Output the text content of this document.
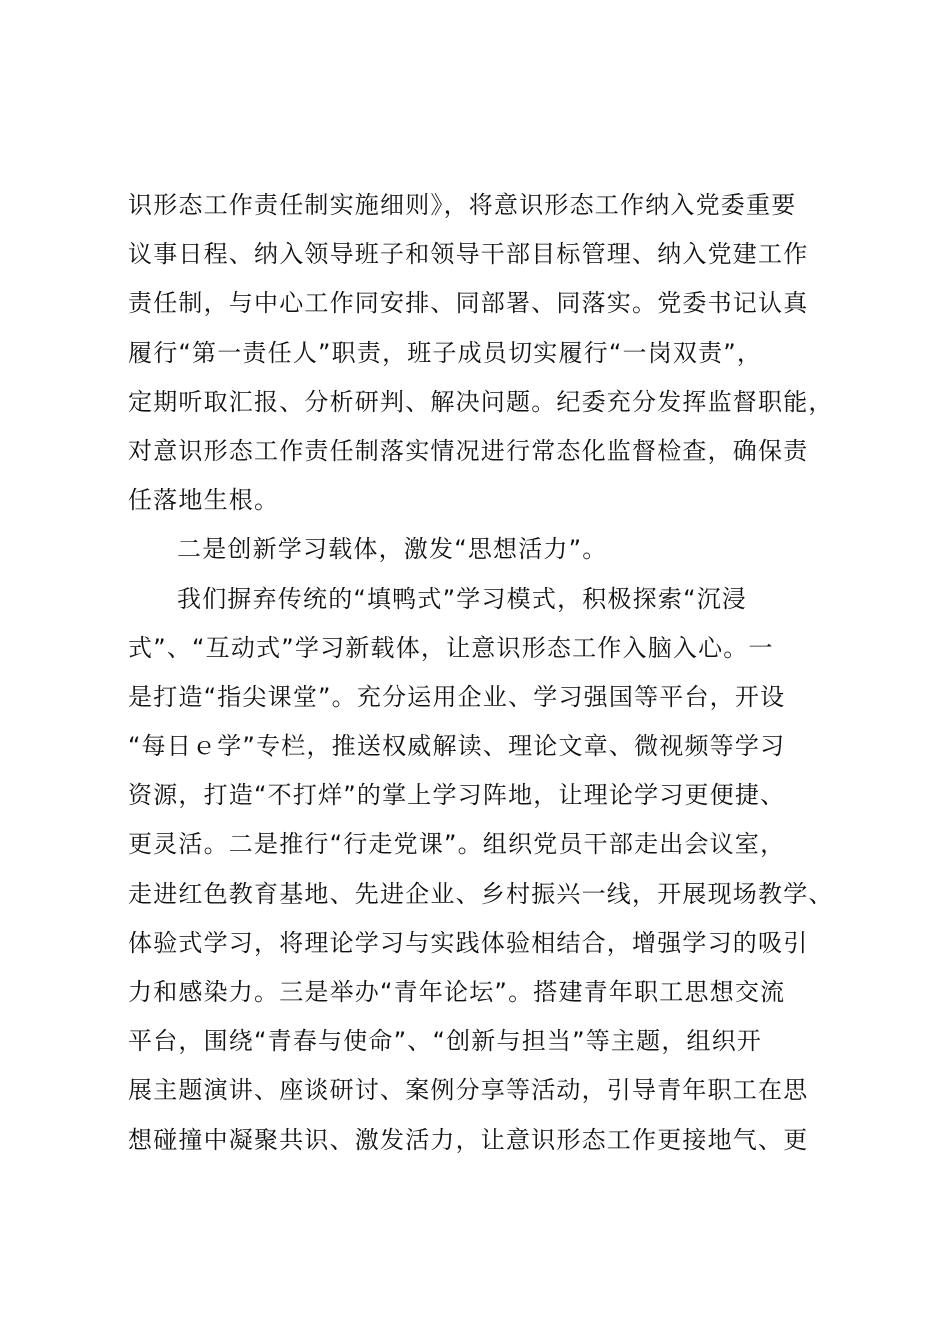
识形态工作责任制实施细则》，将意识形态工作纳入党委重要
议事日程、纳入领导班子和领导干部目标管理、纳入党建工作
责任制，与中心工作同安排、同部署、同落实。党委书记认真
履行“第一责任人”职责，班子成员切实履行“一岗双责”，
定期听取汇报、分析研判、解决问题。纪委充分发挥监督职能，
对意识形态工作责任制落实情况进行常态化监督检查，确保责
任落地生根。
二是创新学习载体，激发“思想活力”。
我们摒弃传统的“填鸭式”学习模式，积极探索“沉浸
式”、“互动式”学习新载体，让意识形态工作入脑入心。一
是打造“指尖课堂”。充分运用企业、学习强国等平台，开设
“每日ｅ学”专栏，推送权威解读、理论文章、微视频等学习
资源，打造“不打烊”的掌上学习阵地，让理论学习更便捷、
更灵活。二是推行“行走党课”。组织党员干部走出会议室，
走进红色教育基地、先进企业、乡村振兴一线，开展现场教学、
体验式学习，将理论学习与实践体验相结合，增强学习的吸引
力和感染力。三是举办“青年论坛”。搭建青年职工思想交流
平台，围绕“青春与使命”、“创新与担当”等主题，组织开
展主题演讲、座谈研讨、案例分享等活动，引导青年职工在思
想碰撞中凝聚共识、激发活力，让意识形态工作更接地气、更
